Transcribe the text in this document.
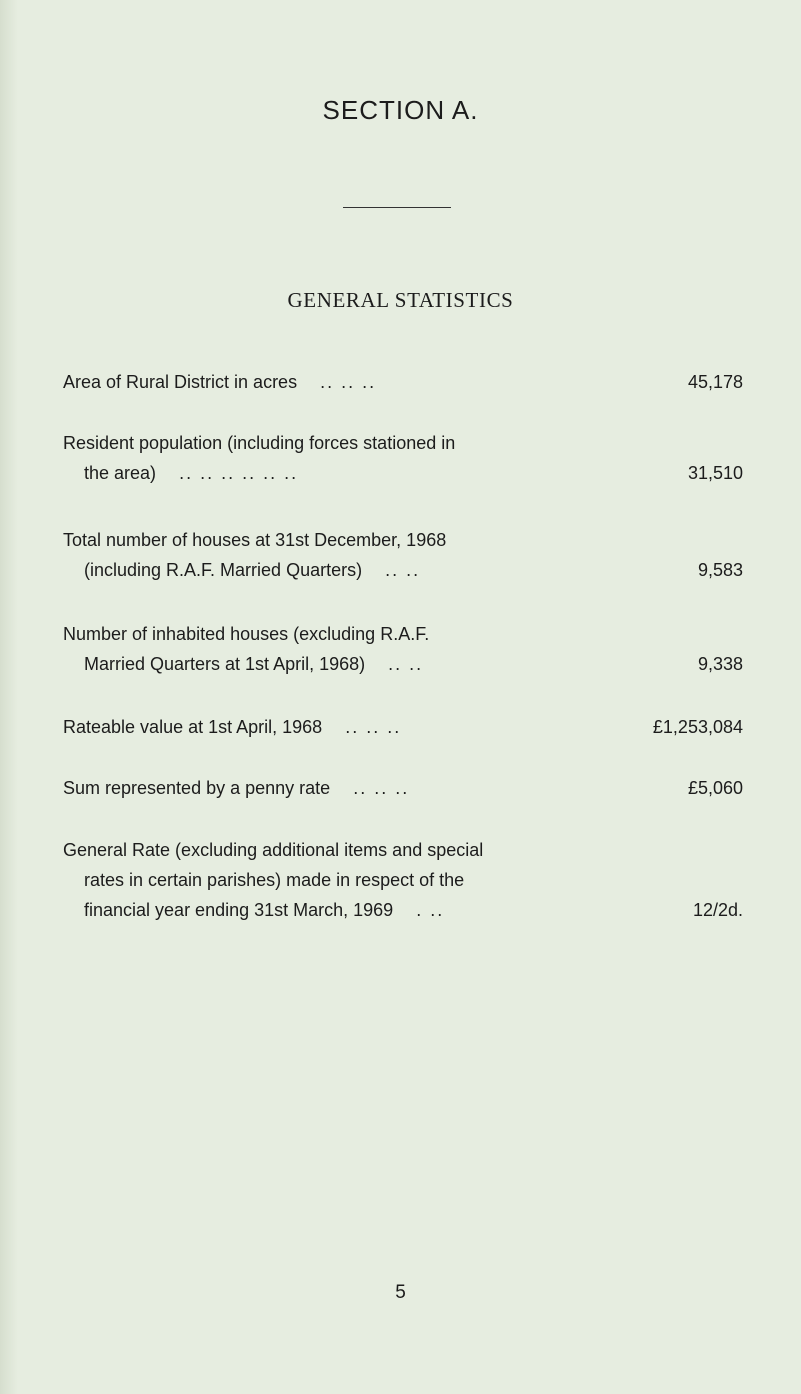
SECTION A.
GENERAL STATISTICS
Area of Rural District in acres .. .. ..	45,178
Resident population (including forces stationed in
the area) .. .. .. .. .. ..	31,510
Total number of houses at 31st December, 1968
(including R.A.F. Married Quarters) .. ..	9,583
Number of inhabited houses (excluding R.A.F.
Married Quarters at 1st April, 1968) .. ..	9,338
Rateable value at 1st April, 1968 .. .. ..	£1,253,084
Sum represented by a penny rate .. .. ..	£5,060
General Rate (excluding additional items and special
rates in certain parishes) made in respect of the
financial year ending 31st March, 1969 . ..	12/2d.
5
